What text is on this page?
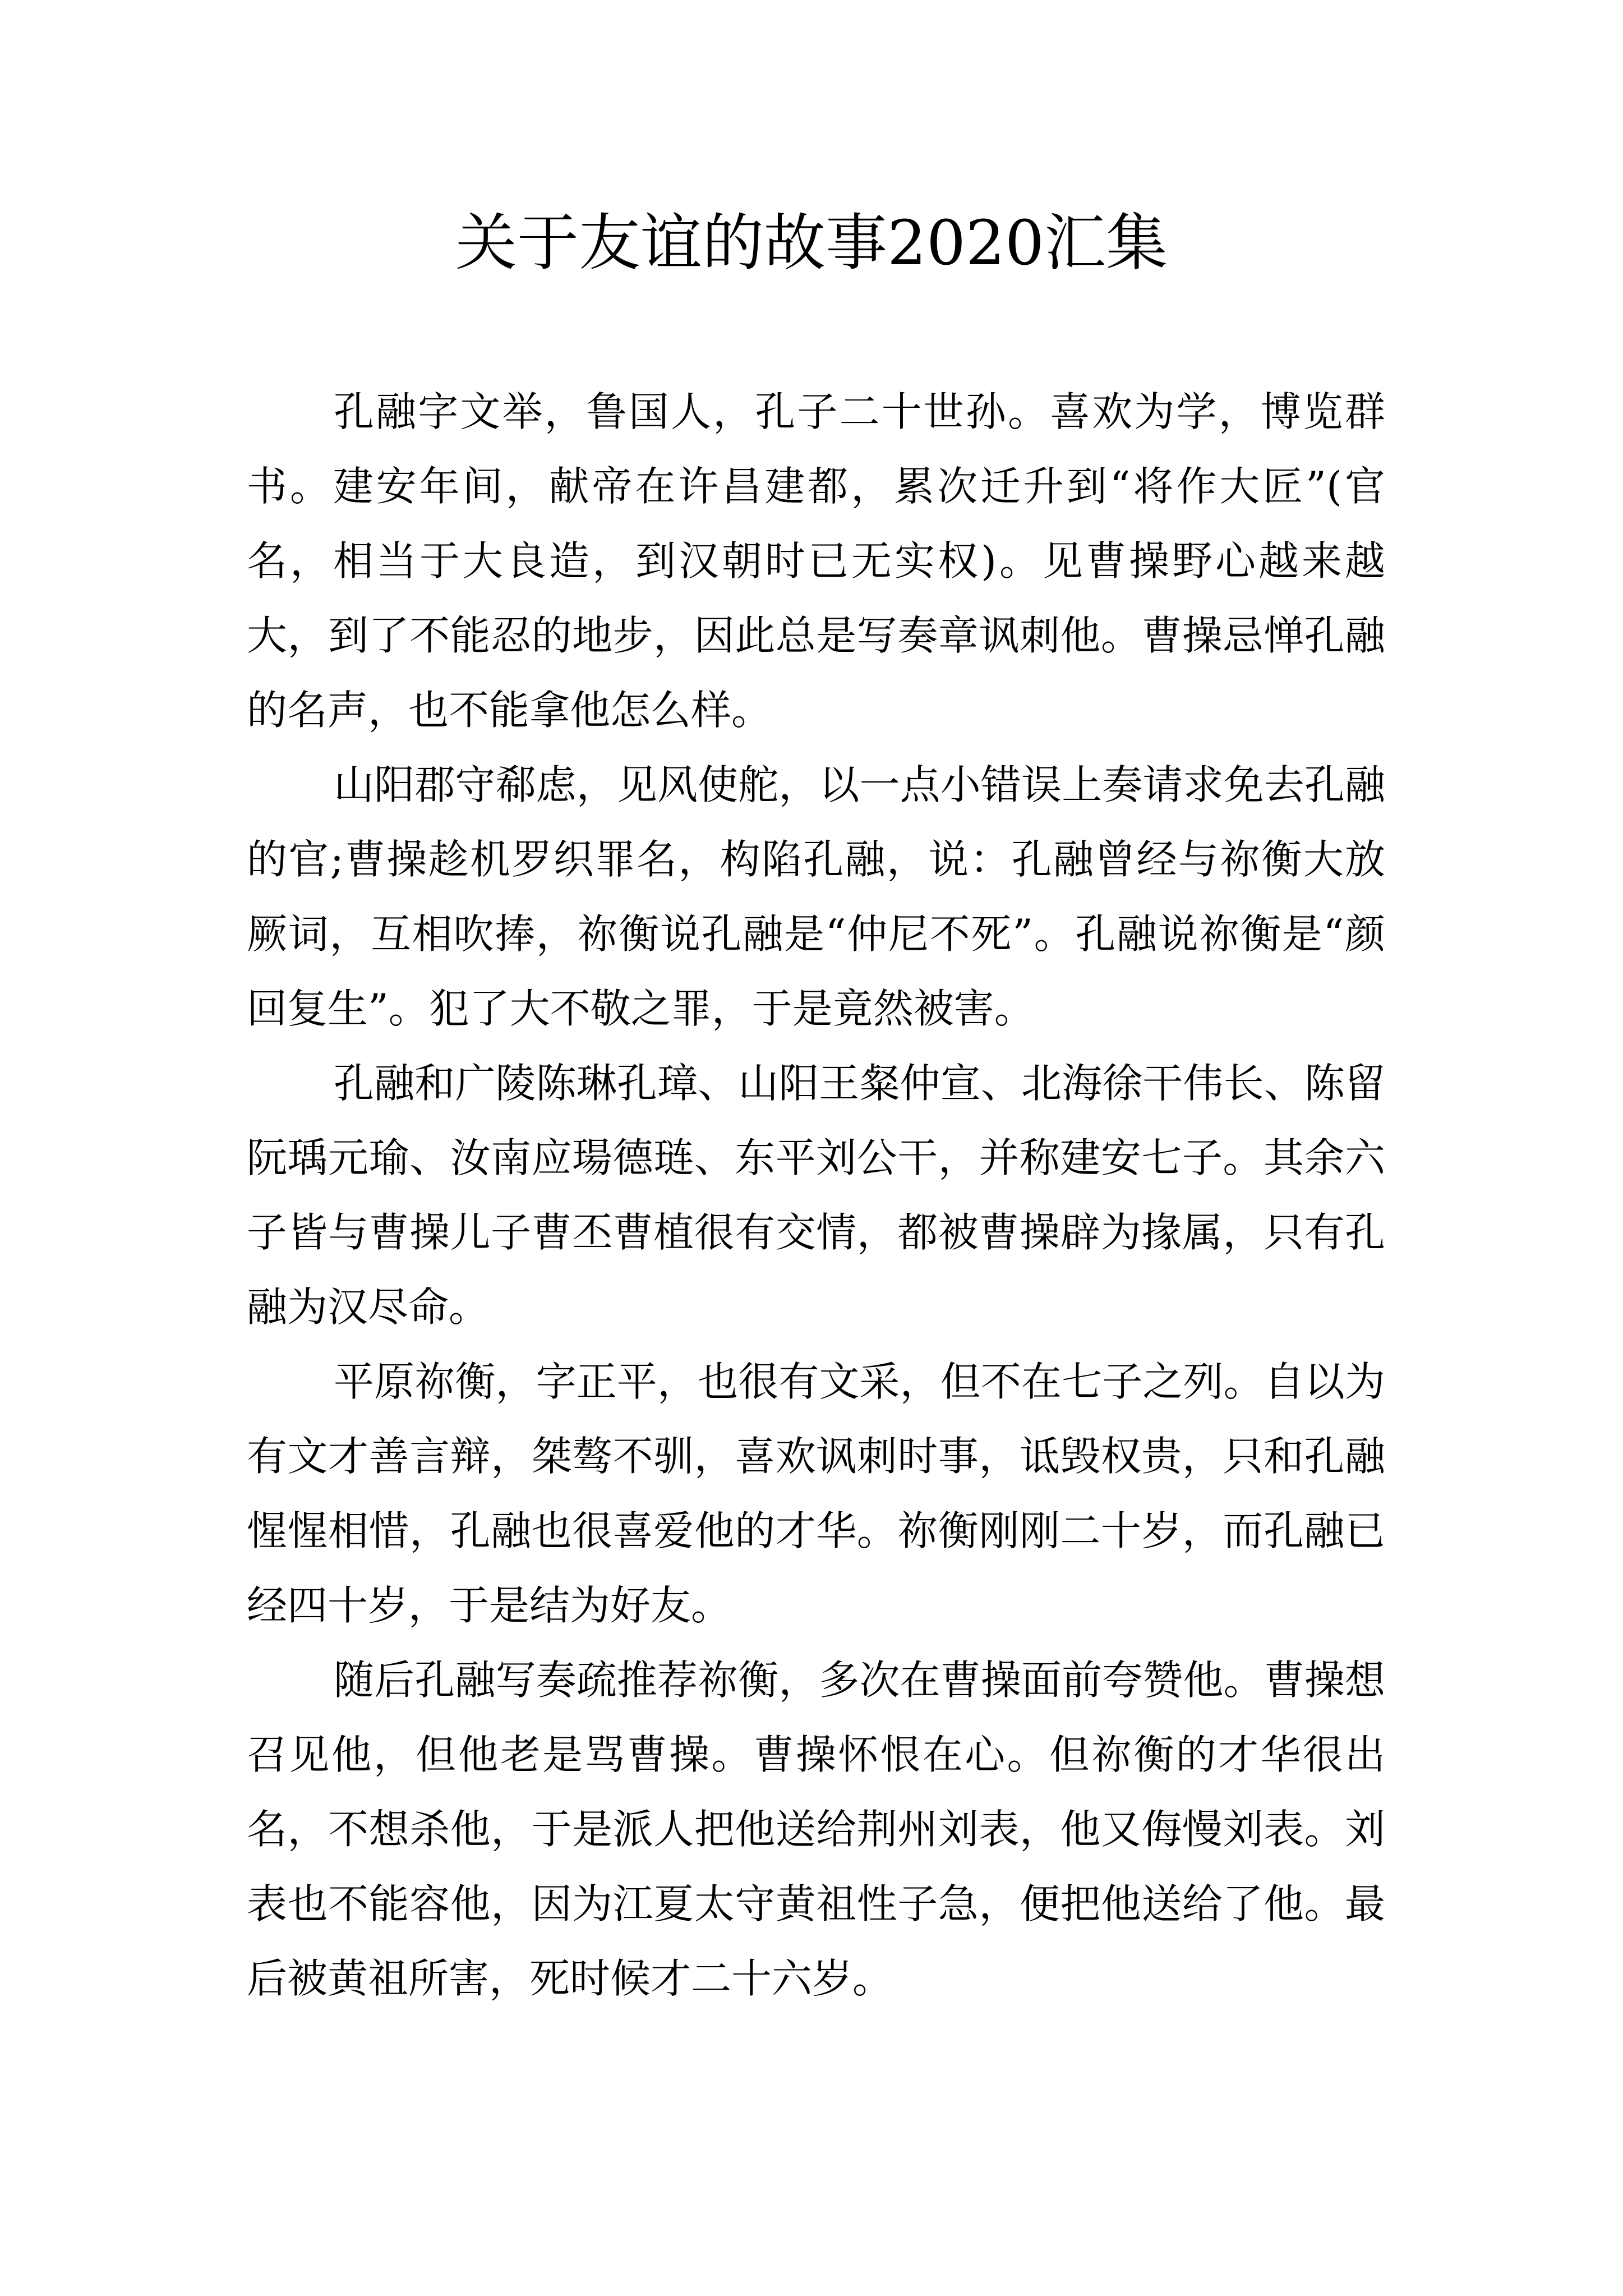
关于友谊的故事2020汇集

孔融字文举，鲁国人，孔子二十世孙。喜欢为学，博览群书。建安年间，献帝在许昌建都，累次迁升到“将作大匠”(官名，相当于大良造，到汉朝时已无实权)。见曹操野心越来越大，到了不能忍的地步，因此总是写奏章讽刺他。曹操忌惮孔融的名声，也不能拿他怎么样。

山阳郡守郗虑，见风使舵，以一点小错误上奏请求免去孔融的官;曹操趁机罗织罪名，构陷孔融，说：孔融曾经与祢衡大放厥词，互相吹捧，祢衡说孔融是“仲尼不死”。孔融说祢衡是“颜回复生”。犯了大不敬之罪，于是竟然被害。

孔融和广陵陈琳孔璋、山阳王粲仲宣、北海徐干伟长、陈留阮瑀元瑜、汝南应瑒德琏、东平刘公干，并称建安七子。其余六子皆与曹操儿子曹丕曹植很有交情，都被曹操辟为掾属，只有孔融为汉尽命。

平原祢衡，字正平，也很有文采，但不在七子之列。自以为有文才善言辩，桀骜不驯，喜欢讽刺时事，诋毁权贵，只和孔融惺惺相惜，孔融也很喜爱他的才华。祢衡刚刚二十岁，而孔融已经四十岁，于是结为好友。

随后孔融写奏疏推荐祢衡，多次在曹操面前夸赞他。曹操想召见他，但他老是骂曹操。曹操怀恨在心。但祢衡的才华很出名，不想杀他，于是派人把他送给荆州刘表，他又侮慢刘表。刘表也不能容他，因为江夏太守黄祖性子急，便把他送给了他。最后被黄祖所害，死时候才二十六岁。
